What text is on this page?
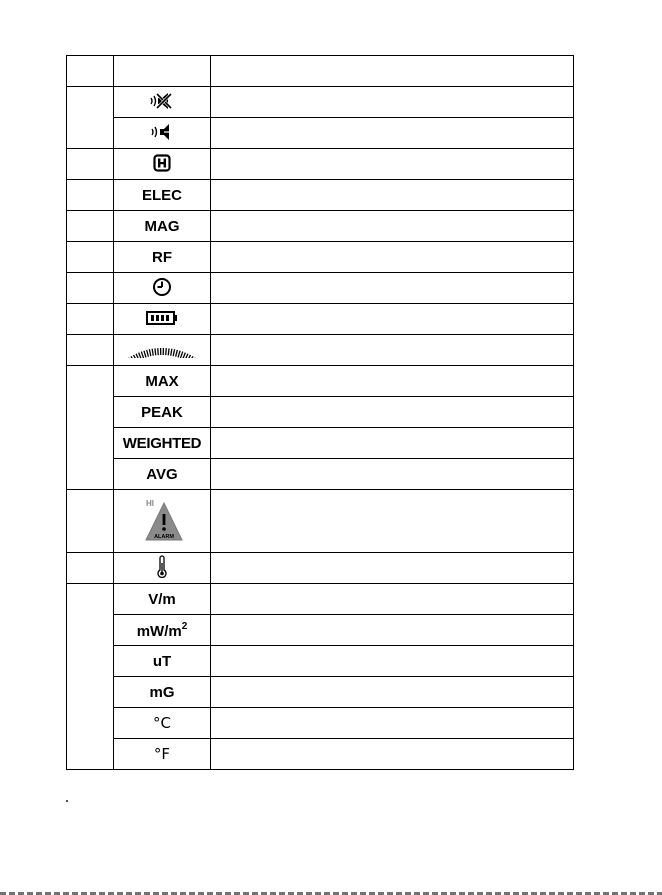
	ELEC	
	MAG	
	RF	

	MAX	
	PEAK	
	WEIGHTED	
	AVG	

HI
ALARM	

	V/m	
	$mW/m^2$	
	uT	
	mG	
	°C	
	°F	
